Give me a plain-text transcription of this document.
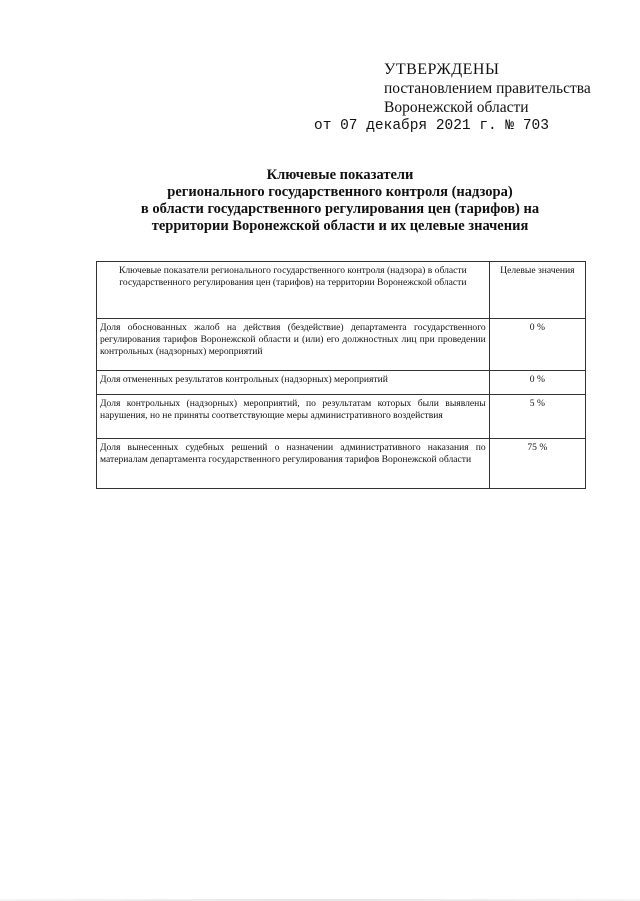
УТВЕРЖДЕНЫ
постановлением правительства
Воронежской области
от 07 декабря 2021 г. № 703
Ключевые показатели
регионального государственного контроля (надзора)
в области государственного регулирования цен (тарифов) на
территории Воронежской области и их целевые значения
Ключевые показатели регионального государственного контроля (надзора) в области государственного регулирования цен (тарифов) на территории Воронежской области	Целевые значения
Доля обоснованных жалоб на действия (бездействие) департамента государственного регулирования тарифов Воронежской области и (или) его должностных лиц при проведении контрольных (надзорных) мероприятий	0 %
Доля отмененных результатов контрольных (надзорных) мероприятий	0 %
Доля контрольных (надзорных) мероприятий, по результатам которых были выявлены нарушения, но не приняты соответствующие меры административного воздействия	5 %
Доля вынесенных судебных решений о назначении административного наказания по материалам департамента государственного регулирования тарифов Воронежской области	75 %
